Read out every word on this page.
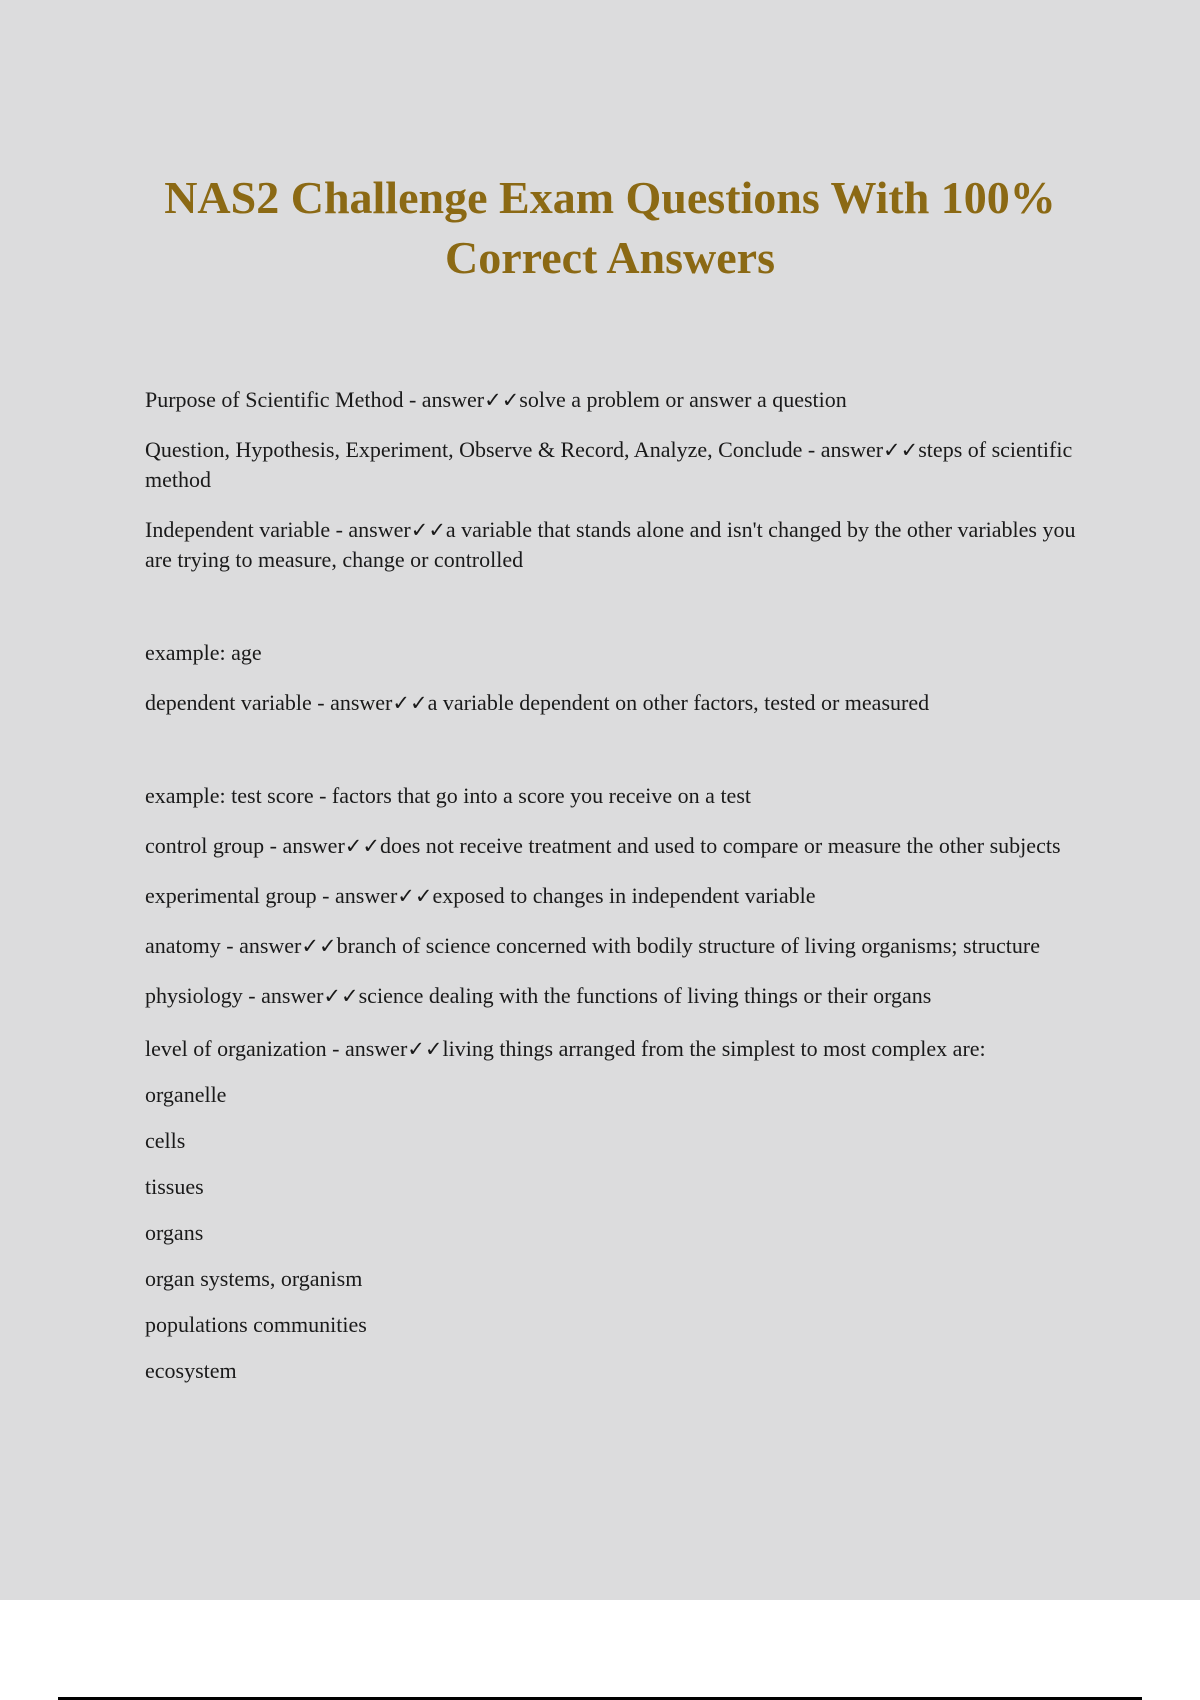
NAS2 Challenge Exam Questions With 100% Correct Answers

Purpose of Scientific Method - answer✓✓solve a problem or answer a question

Question, Hypothesis, Experiment, Observe & Record, Analyze, Conclude - answer✓✓steps of scientific method

Independent variable - answer✓✓a variable that stands alone and isn't changed by the other variables you are trying to measure, change or controlled

example: age

dependent variable - answer✓✓a variable dependent on other factors, tested or measured

example: test score - factors that go into a score you receive on a test

control group - answer✓✓does not receive treatment and used to compare or measure the other subjects

experimental group - answer✓✓exposed to changes in independent variable

anatomy - answer✓✓branch of science concerned with bodily structure of living organisms; structure

physiology - answer✓✓science dealing with the functions of living things or their organs

level of organization - answer✓✓living things arranged from the simplest to most complex are:

organelle

cells

tissues

organs

organ systems, organism

populations communities

ecosystem
